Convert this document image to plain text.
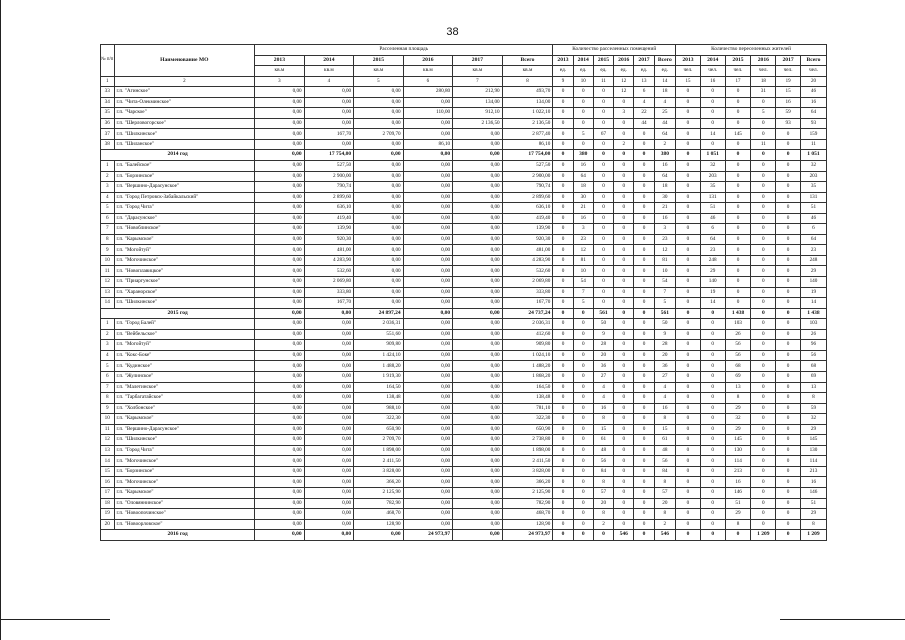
38
№ п/п	Наименование МО	Расселенная площадь						Количество расселенных помещений						Количество переселенных жителей					
		2013	2014	2015	2016	2017	Всего	2013	2014	2015	2016	2017	Всего	2013	2014	2015	2016	2017	Всего
		кв.м	кв.м	кв.м	кв.м	кв.м	кв.м	ед.	ед.	ед.	ед.	ед.	ед.	чел.	чел.	чел.	чел.	чел.	чел.
1	2	3	4	5	6	7	8	9	10	11	12	13	14	15	16	17	18	19	20
33	г.п. "Агинское"	0,00	0,00	0,00	280,80	212,90	493,70	0	0	0	12	6	18	0	0	0	31	15	46
34	г.п. "Чита-Олекминское"	0,00	0,00	0,00	0,00	134,00	134,00	0	0	0	0	4	4	0	0	0	0	16	16
35	г.п. "Чарское"	0,00	0,00	0,00	110,00	912,10	1 022,10	0	0	0	3	22	25	0	0	0	5	59	64
36	г.п. "Шерловогорское"	0,00	0,00	0,00	0,00	2 136,50	2 136,50	0	0	0	0	44	44	0	0	0	0	93	93
37	г.п. "Шилкинское"	0,00	167,70	2 709,70	0,00	0,00	2 877,40	0	5	67	0	0	64	0	14	145	0	0	159
38	г.п. "Шиланское"	0,00	0,00	0,00	86,10	0,00	86,10	0	0	0	2	0	2	0	0	0	11	0	11
2014 год		0,00	17 754,00	0,00	0,00	0,00	17 754,00	0	380	0	0	0	380	0	1 051	0	0	0	1 051
1	г.п. "Балейское"	0,00	527,50	0,00	0,00	0,00	527,50	0	16	0	0	0	16	0	32	0	0	0	32
2	г.п. "Борзинское"	0,00	2 900,00	0,00	0,00	0,00	2 900,00	0	64	0	0	0	64	0	203	0	0	0	203
3	г.п. "Вершино-Дарасунское"	0,00	790,74	0,00	0,00	0,00	790,74	0	18	0	0	0	18	0	35	0	0	0	35
4	г.п. "Город Петровск-Забайкальский"	0,00	2 899,60	0,00	0,00	0,00	2 899,60	0	30	0	0	0	30	0	131	0	0	0	131
5	г.п. "Город Чита"	0,00	636,10	0,00	0,00	0,00	636,10	0	21	0	0	0	21	0	51	0	0	0	51
6	г.п. "Дарасунское"	0,00	419,40	0,00	0,00	0,00	419,40	0	16	0	0	0	16	0	46	0	0	0	46
7	г.п. "Новоблинское"	0,00	139,90	0,00	0,00	0,00	139,90	0	3	0	0	0	3	0	6	0	0	0	6
8	г.п. "Карымское"	0,00	920,30	0,00	0,00	0,00	920,30	0	23	0	0	0	23	0	64	0	0	0	64
9	г.п. "Могойтуй"	0,00	481,00	0,00	0,00	0,00	481,00	0	12	0	0	0	12	0	23	0	0	0	23
10	г.п. "Могочинское"	0,00	4 283,90	0,00	0,00	0,00	4 283,90	0	81	0	0	0	81	0	248	0	0	0	248
11	г.п. "Новоплавицкое"	0,00	532,60	0,00	0,00	0,00	532,60	0	10	0	0	0	10	0	29	0	0	0	29
12	г.п. "Приаргунское"	0,00	2 069,80	0,00	0,00	0,00	2 069,80	0	54	0	0	0	54	0	140	0	0	0	140
13	г.п. "Харанорское"	0,00	333,80	0,00	0,00	0,00	333,80	0	7	0	0	0	7	0	19	0	0	0	19
14	г.п. "Шилкинское"	0,00	167,70	0,00	0,00	0,00	167,70	0	5	0	0	0	5	0	14	0	0	0	14
2015 год		0,00	0,00	24 897,24	0,00	0,00	24 737,24	0	0	561	0	0	561	0	0	1 438	0	0	1 438
1	г.п. "Город Балей"	0,00	0,00	2 036,31	0,00	0,00	2 036,31	0	0	50	0	0	50	0	0	103	0	0	103
2	г.п. "Вейбельское"	0,00	0,00	551,60	0,00	0,00	412,60	0	0	9	0	0	9	0	0	26	0	0	26
3	г.п. "Могойтуй"	0,00	0,00	909,80	0,00	0,00	909,80	0	0	28	0	0	28	0	0	56	0	0	96
4	г.п. "Кокс-Боке"	0,00	0,00	1 424,10	0,00	0,00	1 024,10	0	0	20	0	0	20	0	0	56	0	0	56
5	г.п. "Кудинское"	0,00	0,00	1 488,20	0,00	0,00	1 488,20	0	0	36	0	0	36	0	0	68	0	0	68
6	г.п. "Жулинское"	0,00	0,00	1 919,30	0,00	0,00	1 868,20	0	0	27	0	0	27	0	0	69	0	0	69
7	г.п. "Малетинское"	0,00	0,00	164,50	0,00	0,00	164,50	0	0	4	0	0	4	0	0	13	0	0	13
8	г.п. "Тарбагатайское"	0,00	0,00	138,48	0,00	0,00	138,48	0	0	4	0	0	4	0	0	8	0	0	8
9	г.п. "Холбонское"	0,00	0,00	988,10	0,00	0,00	781,10	0	0	16	0	0	16	0	0	29	0	0	59
10	г.п. "Карымское"	0,00	0,00	322,30	0,00	0,00	322,30	0	0	8	0	0	8	0	0	32	0	0	32
11	г.п. "Вершино-Дарасунское"	0,00	0,00	650,90	0,00	0,00	650,90	0	0	15	0	0	15	0	0	29	0	0	29
12	г.п. "Шилкинское"	0,00	0,00	2 709,70	0,00	0,00	2 738,80	0	0	61	0	0	61	0	0	145	0	0	145
13	г.п. "Город Чита"	0,00	0,00	1 898,00	0,00	0,00	1 898,00	0	0	48	0	0	48	0	0	130	0	0	130
14	г.п. "Могочинское"	0,00	0,00	2 411,50	0,00	0,00	2 411,50	0	0	56	0	0	56	0	0	114	0	0	114
15	г.п. "Борзинское"	0,00	0,00	3 828,00	0,00	0,00	3 828,00	0	0	84	0	0	84	0	0	213	0	0	213
16	г.п. "Могочинское"	0,00	0,00	366,20	0,00	0,00	366,20	0	0	8	0	0	8	0	0	16	0	0	16
17	г.п. "Карымское"	0,00	0,00	2 125,90	0,00	0,00	2 125,90	0	0	57	0	0	57	0	0	146	0	0	146
18	г.п. "Оловяннинское"	0,00	0,00	782,90	0,00	0,00	782,90	0	0	20	0	0	20	0	0	51	0	0	51
19	г.п. "Новоопочинское"	0,00	0,00	468,70	0,00	0,00	468,70	0	0	8	0	0	8	0	0	29	0	0	29
20	г.п. "Новоорловское"	0,00	0,00	128,90	0,00	0,00	128,90	0	0	2	0	0	2	0	0	8	0	0	8
2016 год		0,00	0,00	0,00	24 973,97	0,00	24 973,97	0	0	0	546	0	546	0	0	0	1 209	0	1 209
